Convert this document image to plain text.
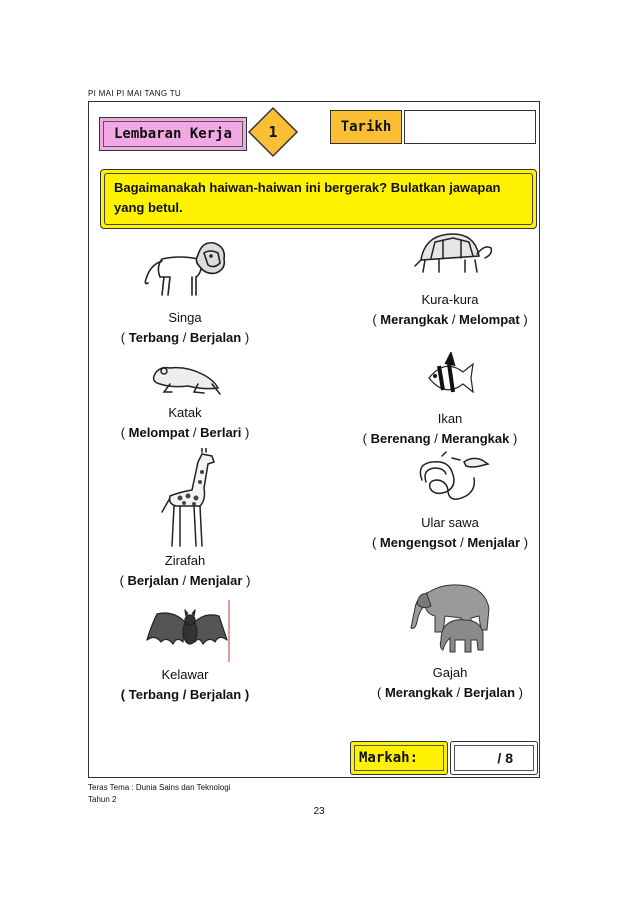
PI MAI PI MAI TANG TU
Lembaran Kerja	1	Tarikh
Bagaimanakah haiwan-haiwan ini bergerak? Bulatkan jawapan yang betul.
Singa
( Terbang / Berjalan )
Kura-kura
( Merangkak / Melompat )
Katak
( Melompat / Berlari )
Ikan
( Berenang / Merangkak )
Zirafah
( Berjalan / Menjalar )
Ular sawa
( Mengengsot / Menjalar )
Kelawar
( Terbang / Berjalan )
Gajah
( Merangkak / Berjalan )
Markah:	/ 8
Teras Tema : Dunia Sains dan Teknologi
Tahun 2
23
